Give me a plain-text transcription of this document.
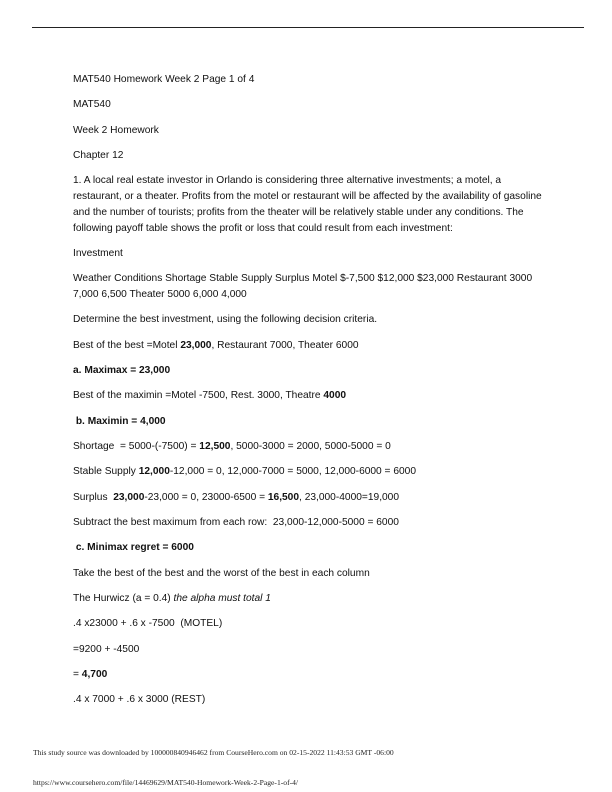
MAT540 Homework Week 2 Page 1 of 4

MAT540

Week 2 Homework

Chapter 12

1. A local real estate investor in Orlando is considering three alternative investments; a motel, a restaurant, or a theater. Profits from the motel or restaurant will be affected by the availability of gasoline and the number of tourists; profits from the theater will be relatively stable under any conditions. The following payoff table shows the profit or loss that could result from each investment:

Investment

Weather Conditions Shortage Stable Supply Surplus Motel $-7,500 $12,000 $23,000 Restaurant 3000 7,000 6,500 Theater 5000 6,000 4,000

Determine the best investment, using the following decision criteria.

Best of the best =Motel 23,000, Restaurant 7000, Theater 6000

a. Maximax = 23,000

Best of the maximin =Motel -7500, Rest. 3000, Theatre 4000

b. Maximin = 4,000

Shortage  = 5000-(-7500) = 12,500, 5000-3000 = 2000, 5000-5000 = 0

Stable Supply 12,000-12,000 = 0, 12,000-7000 = 5000, 12,000-6000 = 6000

Surplus  23,000-23,000 = 0, 23000-6500 = 16,500, 23,000-4000=19,000

Subtract the best maximum from each row:  23,000-12,000-5000 = 6000

c. Minimax regret = 6000

Take the best of the best and the worst of the best in each column

The Hurwicz (a = 0.4) the alpha must total 1

.4 x23000 + .6 x -7500  (MOTEL)

=9200 + -4500

= 4,700

.4 x 7000 + .6 x 3000 (REST)

This study source was downloaded by 100000840946462 from CourseHero.com on 02-15-2022 11:43:53 GMT -06:00
https://www.coursehero.com/file/14469629/MAT540-Homework-Week-2-Page-1-of-4/
